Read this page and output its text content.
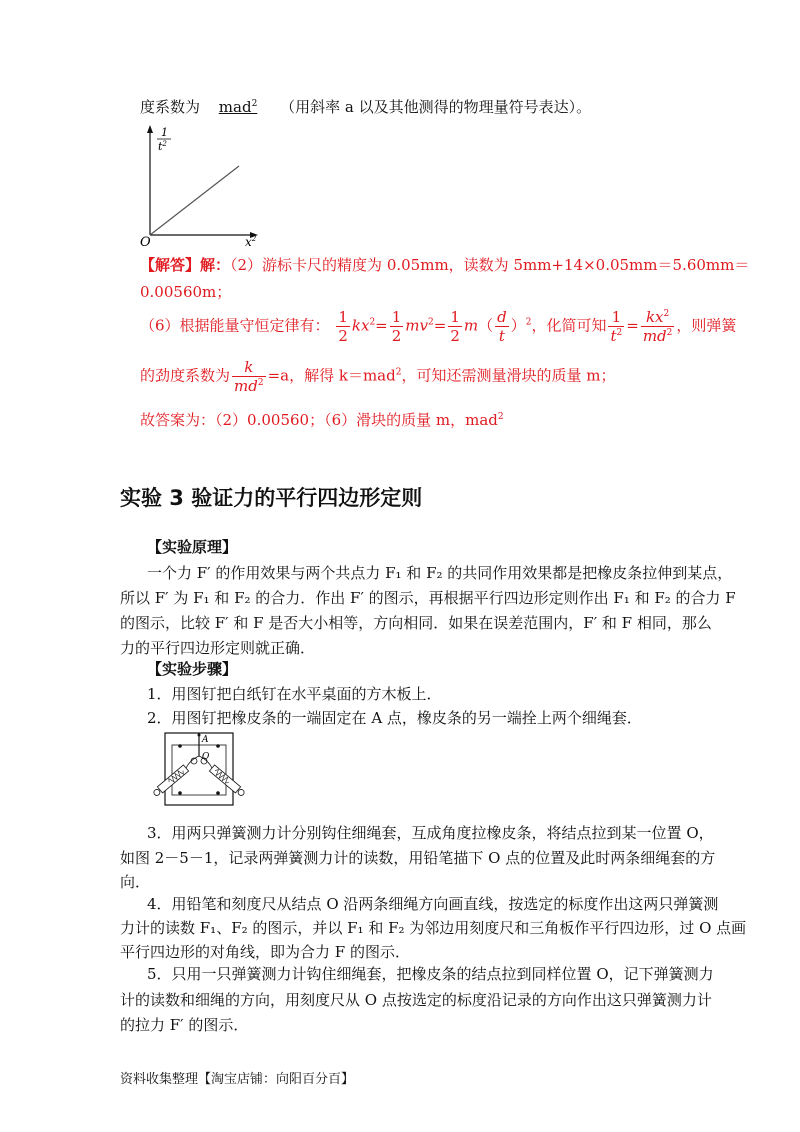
度系数为 mad$^2$ （用斜率 a 以及其他测得的物理量符号表达）。
1
$t^2$
O	$x^2$
【解答】解：（2）游标卡尺的精度为 0.05mm，读数为 5mm+14×0.05mm＝5.60mm＝
0.00560m；
（6）根据能量守恒定律有： $\frac{1}{2} kx^2= \frac{1}{2} mv^2= \frac{1}{2} m( \frac{d}{t} )^2$，化简可知 $\frac{1}{t^2} = \frac{kx^2}{md^2}$ ，则弹簧
的劲度系数为 $\frac{k}{md^2} =a$，解得 k＝mad$^2$，可知还需测量滑块的质量 m；
故答案为：（2）0.00560；（6）滑块的质量 m，mad$^2$
实验 3 验证力的平行四边形定则
【实验原理】
一个力 F′ 的作用效果与两个共点力 F₁ 和 F₂ 的共同作用效果都是把橡皮条拉伸到某点，
所以 F′ 为 F₁ 和 F₂ 的合力．作出 F′ 的图示，再根据平行四边形定则作出 F₁ 和 F₂ 的合力 F
的图示，比较 F′ 和 F 是否大小相等，方向相同．如果在误差范围内，F′ 和 F 相同，那么
力的平行四边形定则就正确．
【实验步骤】
1．用图钉把白纸钉在水平桌面的方木板上．
2．用图钉把橡皮条的一端固定在 A 点，橡皮条的另一端拴上两个细绳套．
A
O
3．用两只弹簧测力计分别钩住细绳套，互成角度拉橡皮条，将结点拉到某一位置 O，
如图 2－5－1，记录两弹簧测力计的读数，用铅笔描下 O 点的位置及此时两条细绳套的方
向．
4．用铅笔和刻度尺从结点 O 沿两条细绳方向画直线，按选定的标度作出这两只弹簧测
力计的读数 F₁、F₂ 的图示，并以 F₁ 和 F₂ 为邻边用刻度尺和三角板作平行四边形，过 O 点画
平行四边形的对角线，即为合力 F 的图示．
5．只用一只弹簧测力计钩住细绳套，把橡皮条的结点拉到同样位置 O，记下弹簧测力
计的读数和细绳的方向，用刻度尺从 O 点按选定的标度沿记录的方向作出这只弹簧测力计
的拉力 F′ 的图示．
资料收集整理【淘宝店铺：向阳百分百】
